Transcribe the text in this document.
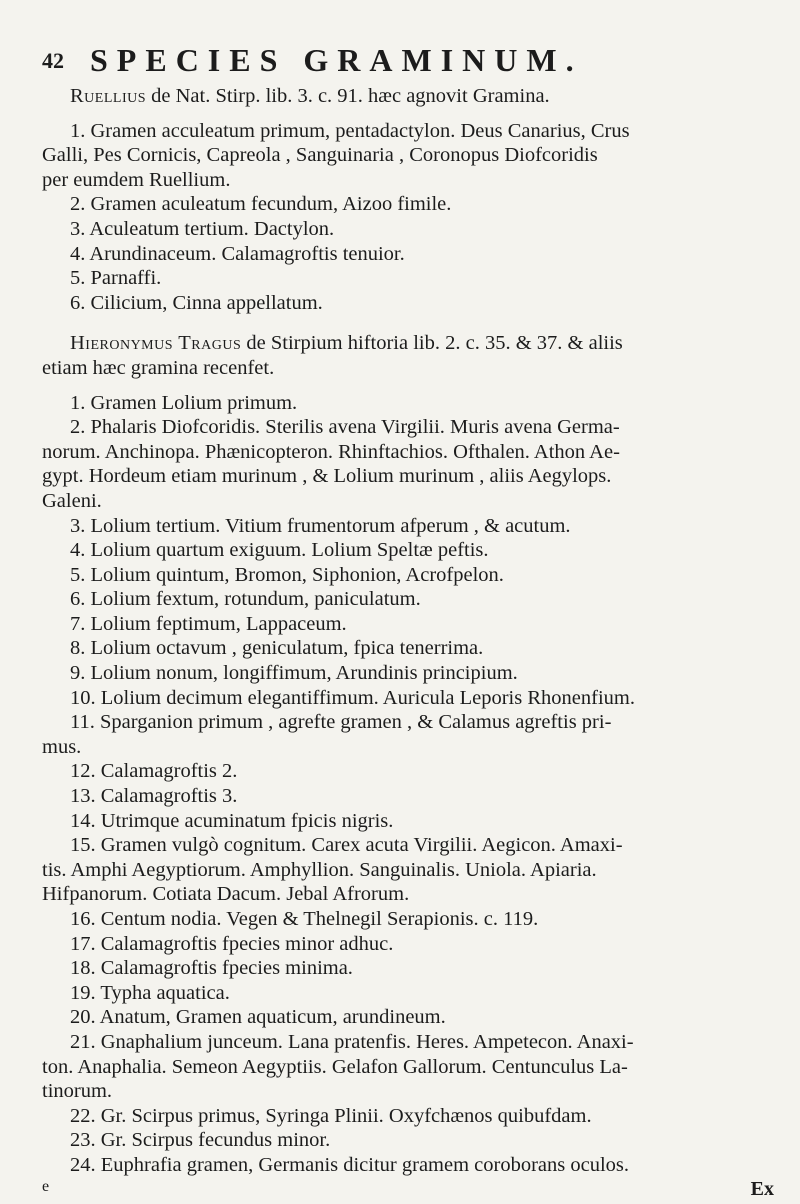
42 SPECIES GRAMINUM.

Ruellius de Nat. Stirp. lib. 3. c. 91. hæc agnovit Gramina.

1. Gramen acculeatum primum, pentadactylon. Deus Canarius, Crus

Galli, Pes Cornicis, Capreola , Sanguinaria , Coronopus Diofcoridis

per eumdem Ruellium.

2. Gramen aculeatum fecundum, Aizoo fimile.

3. Aculeatum tertium. Dactylon.

4. Arundinaceum. Calamagroftis tenuior.

5. Parnaffi.

6. Cilicium, Cinna appellatum.

Hieronymus Tragus de Stirpium hiftoria lib. 2. c. 35. & 37. & aliis

etiam hæc gramina recenfet.

1. Gramen Lolium primum.

2. Phalaris Diofcoridis. Sterilis avena Virgilii. Muris avena Germa-

norum. Anchinopa. Phænicopteron. Rhinftachios. Ofthalen. Athon Ae-

gypt. Hordeum etiam murinum , & Lolium murinum , aliis Aegylops.

Galeni.

3. Lolium tertium. Vitium frumentorum afperum , & acutum.

4. Lolium quartum exiguum. Lolium Speltæ peftis.

5. Lolium quintum, Bromon, Siphonion, Acrofpelon.

6. Lolium fextum, rotundum, paniculatum.

7. Lolium feptimum, Lappaceum.

8. Lolium octavum , geniculatum, fpica tenerrima.

9. Lolium nonum, longiffimum, Arundinis principium.

10. Lolium decimum elegantiffimum. Auricula Leporis Rhonenfium.

11. Sparganion primum , agrefte gramen , & Calamus agreftis pri-

mus.

12. Calamagroftis 2.

13. Calamagroftis 3.

14. Utrimque acuminatum fpicis nigris.

15. Gramen vulgò cognitum. Carex acuta Virgilii. Aegicon. Amaxi-

tis. Amphi Aegyptiorum. Amphyllion. Sanguinalis. Uniola. Apiaria.

Hifpanorum. Cotiata Dacum. Jebal Afrorum.

16. Centum nodia. Vegen & Thelnegil Serapionis. c. 119.

17. Calamagroftis fpecies minor adhuc.

18. Calamagroftis fpecies minima.

19. Typha aquatica.

20. Anatum, Gramen aquaticum, arundineum.

21. Gnaphalium junceum. Lana pratenfis. Heres. Ampetecon. Anaxi-

ton. Anaphalia. Semeon Aegyptiis. Gelafon Gallorum. Centunculus La-

tinorum.

22. Gr. Scirpus primus, Syringa Plinii. Oxyfchænos quibufdam.

23. Gr. Scirpus fecundus minor.

24. Euphrafia gramen, Germanis dicitur gramem coroborans oculos.

e	Ex
